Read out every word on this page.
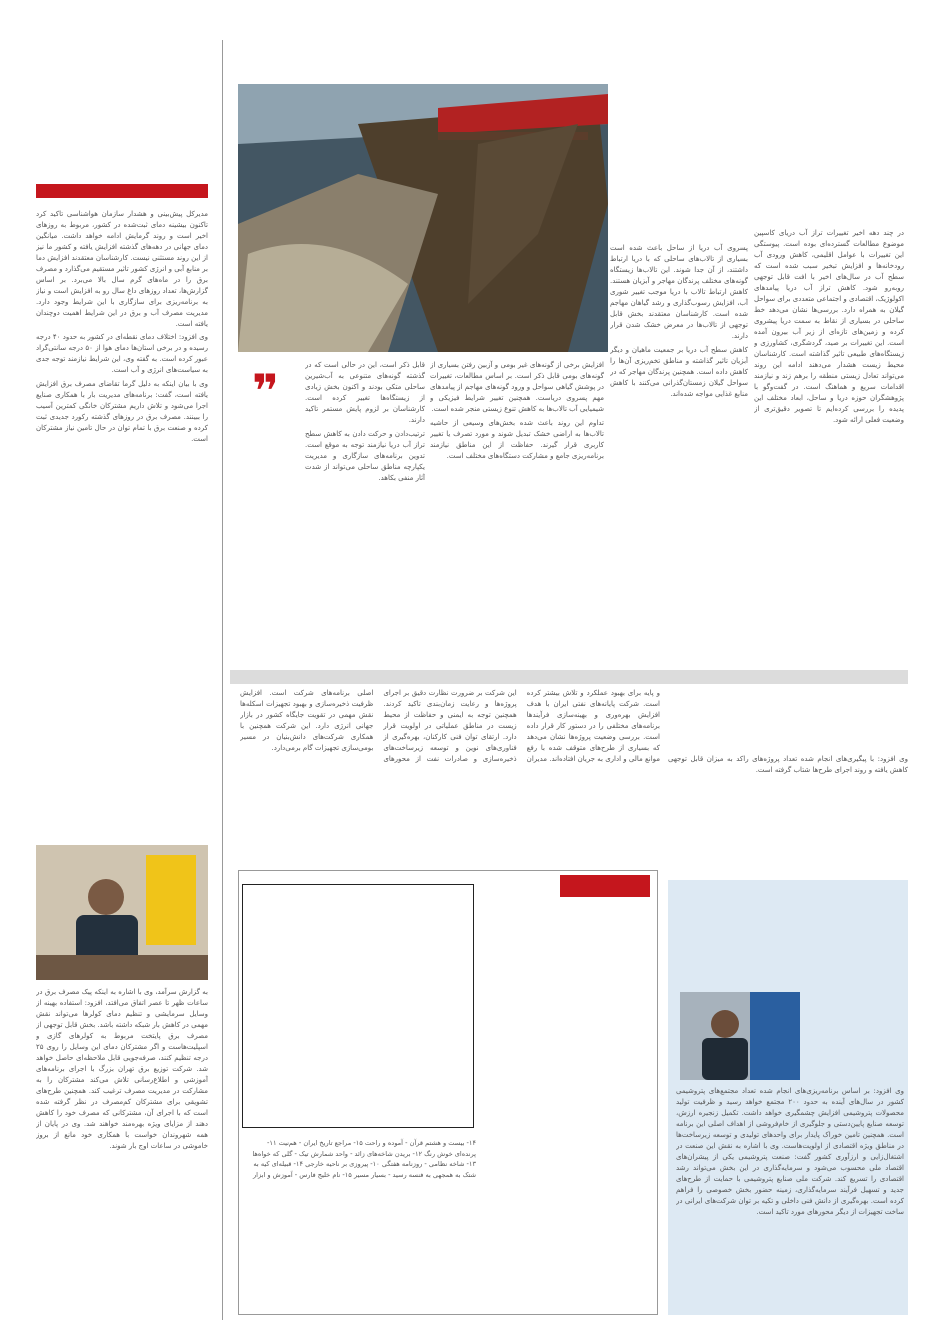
مدیرکل پیش‌بینی و هشدار سازمان هواشناسی تاکید کرد تاکنون بیشینه دمای ثبت‌شده در کشور، مربوط به روزهای اخیر است و روند گرمایش ادامه خواهد داشت. میانگین دمای جهانی در دهه‌های گذشته افزایش یافته و کشور ما نیز از این روند مستثنی نیست. کارشناسان معتقدند افزایش دما بر منابع آبی و انرژی کشور تاثیر مستقیم می‌گذارد و مصرف برق را در ماه‌های گرم سال بالا می‌برد. بر اساس گزارش‌ها، تعداد روزهای داغ سال رو به افزایش است و نیاز به برنامه‌ریزی برای سازگاری با این شرایط وجود دارد. مدیریت مصرف آب و برق در این شرایط اهمیت دوچندان یافته است.

وی افزود: اختلاف دمای نقطه‌ای در کشور به حدود ۴۰ درجه رسیده و در برخی استان‌ها دمای هوا از ۵۰ درجه سانتی‌گراد عبور کرده است. به گفته وی، این شرایط نیازمند توجه جدی به سیاست‌های انرژی و آب است.

وی با بیان اینکه به دلیل گرما تقاضای مصرف برق افزایش یافته است، گفت: برنامه‌های مدیریت بار با همکاری صنایع اجرا می‌شود و تلاش داریم مشترکان خانگی کمترین آسیب را ببینند. مصرف برق در روزهای گذشته رکورد جدیدی ثبت کرده و صنعت برق با تمام توان در حال تامین نیاز مشترکان است.

به گزارش سرآمد، وی با اشاره به اینکه پیک مصرف برق در ساعات ظهر تا عصر اتفاق می‌افتد، افزود: استفاده بهینه از وسایل سرمایشی و تنظیم دمای کولرها می‌تواند نقش مهمی در کاهش بار شبکه داشته باشد. بخش قابل توجهی از مصرف برق پایتخت مربوط به کولرهای گازی و اسپلیت‌هاست و اگر مشترکان دمای این وسایل را روی ۲۵ درجه تنظیم کنند، صرفه‌جویی قابل ملاحظه‌ای حاصل خواهد شد. شرکت توزیع برق تهران بزرگ با اجرای برنامه‌های آموزشی و اطلاع‌رسانی تلاش می‌کند مشترکان را به مشارکت در مدیریت مصرف ترغیب کند. همچنین طرح‌های تشویقی برای مشترکان کم‌مصرف در نظر گرفته شده است که با اجرای آن، مشترکانی که مصرف خود را کاهش دهند از مزایای ویژه بهره‌مند خواهند شد. وی در پایان از همه شهروندان خواست با همکاری خود مانع از بروز خاموشی در ساعات اوج بار شوند.

در چند دهه اخیر تغییرات تراز آب دریای کاسپین موضوع مطالعات گسترده‌ای بوده است. پیوستگی این تغییرات با عوامل اقلیمی، کاهش ورودی آب رودخانه‌ها و افزایش تبخیر سبب شده است که سطح آب در سال‌های اخیر با افت قابل توجهی روبه‌رو شود. کاهش تراز آب دریا پیامدهای اکولوژیک، اقتصادی و اجتماعی متعددی برای سواحل گیلان به همراه دارد. بررسی‌ها نشان می‌دهد خط ساحلی در بسیاری از نقاط به سمت دریا پیشروی کرده و زمین‌های تازه‌ای از زیر آب بیرون آمده است. این تغییرات بر صید، گردشگری، کشاورزی و زیستگاه‌های طبیعی تاثیر گذاشته است. کارشناسان محیط زیست هشدار می‌دهند ادامه این روند می‌تواند تعادل زیستی منطقه را برهم زند و نیازمند اقدامات سریع و هماهنگ است. در گفت‌وگو با پژوهشگران حوزه دریا و ساحل، ابعاد مختلف این پدیده را بررسی کرده‌ایم تا تصویر دقیق‌تری از وضعیت فعلی ارائه شود.

پسروی آب دریا از ساحل باعث شده است بسیاری از تالاب‌های ساحلی که با دریا ارتباط داشتند، از آن جدا شوند. این تالاب‌ها زیستگاه گونه‌های مختلف پرندگان مهاجر و آبزیان هستند. کاهش ارتباط تالاب با دریا موجب تغییر شوری آب، افزایش رسوب‌گذاری و رشد گیاهان مهاجم شده است. کارشناسان معتقدند بخش قابل توجهی از تالاب‌ها در معرض خشک شدن قرار دارند.

کاهش سطح آب دریا بر جمعیت ماهیان و دیگر آبزیان تاثیر گذاشته و مناطق تخم‌ریزی آن‌ها را کاهش داده است. همچنین پرندگان مهاجر که در سواحل گیلان زمستان‌گذرانی می‌کنند با کاهش منابع غذایی مواجه شده‌اند.

افزایش برخی از گونه‌های غیر بومی و آزبین رفتن بسیاری از گونه‌های بومی قابل ذکر است. بر اساس مطالعات، تغییرات در پوشش گیاهی سواحل و ورود گونه‌های مهاجم از پیامدهای مهم پسروی دریاست. همچنین تغییر شرایط فیزیکی و شیمیایی آب تالاب‌ها به کاهش تنوع زیستی منجر شده است.

تداوم این روند باعث شده بخش‌های وسیعی از حاشیه تالاب‌ها به اراضی خشک تبدیل شوند و مورد تصرف یا تغییر کاربری قرار گیرند. حفاظت از این مناطق نیازمند برنامه‌ریزی جامع و مشارکت دستگاه‌های مختلف است.

قابل ذکر است، این در حالی است که در گذشته گونه‌های متنوعی به آب‌شیرین ساحلی متکی بودند و اکنون بخش زیادی از زیستگاه‌ها تغییر کرده است. کارشناسان بر لزوم پایش مستمر تاکید دارند.

ترتیب‌دادن و حرکت دادن به کاهش سطح تراز آب دریا نیازمند توجه به موقع است. تدوین برنامه‌های سازگاری و مدیریت یکپارچه مناطق ساحلی می‌تواند از شدت آثار منفی بکاهد.

❞

وی افزود: با پیگیری‌های انجام شده تعداد پروژه‌های راکد به میزان قابل توجهی کاهش یافته و روند اجرای طرح‌ها شتاب گرفته است.

و پایه برای بهبود عملکرد و تلاش بیشتر کرده است. شرکت پایانه‌های نفتی ایران با هدف افزایش بهره‌وری و بهینه‌سازی فرآیندها برنامه‌های مختلفی را در دستور کار قرار داده است. بررسی وضعیت پروژه‌ها نشان می‌دهد که بسیاری از طرح‌های متوقف شده با رفع موانع مالی و اداری به جریان افتاده‌اند. مدیران این شرکت بر ضرورت نظارت دقیق بر اجرای پروژه‌ها و رعایت زمان‌بندی تاکید کردند. همچنین توجه به ایمنی و حفاظت از محیط زیست در مناطق عملیاتی در اولویت قرار دارد. ارتقای توان فنی کارکنان، بهره‌گیری از فناوری‌های نوین و توسعه زیرساخت‌های ذخیره‌سازی و صادرات نفت از محورهای اصلی برنامه‌های شرکت است. افزایش ظرفیت ذخیره‌سازی و بهبود تجهیزات اسکله‌ها نقش مهمی در تقویت جایگاه کشور در بازار جهانی انرژی دارد. این شرکت همچنین با همکاری شرکت‌های دانش‌بنیان در مسیر بومی‌سازی تجهیزات گام برمی‌دارد.

۱۴- بیست و هشتم قرآن - آموده و راحت ۱۵- مراجع تاریخ ایران - هم‌نیت ۱۱- پرنده‌ای خوش رنگ ۱۲- بریدن شاخه‌های زائد - واحد شمارش تیک - گلی که خواه‌ها ۱۳- شاخه نظامی - روزنامه هفتگی ۱۰- پیروزی بر ناحیه خارجی ۱۴- قبیله‌ای کیه به شتک به همجهی به فنسه رسید - بسیار مسیر ۱۵- نام خلیج فارس - آموزش و ابزار

وی افزود: بر اساس برنامه‌ریزی‌های انجام شده تعداد مجتمع‌های پتروشیمی کشور در سال‌های آینده به حدود ۲۰۰ مجتمع خواهد رسید و ظرفیت تولید محصولات پتروشیمی افزایش چشمگیری خواهد داشت. تکمیل زنجیره ارزش، توسعه صنایع پایین‌دستی و جلوگیری از خام‌فروشی از اهداف اصلی این برنامه است. همچنین تامین خوراک پایدار برای واحدهای تولیدی و توسعه زیرساخت‌ها در مناطق ویژه اقتصادی از اولویت‌هاست. وی با اشاره به نقش این صنعت در اشتغال‌زایی و ارزآوری کشور گفت: صنعت پتروشیمی یکی از پیشران‌های اقتصاد ملی محسوب می‌شود و سرمایه‌گذاری در این بخش می‌تواند رشد اقتصادی را تسریع کند. شرکت ملی صنایع پتروشیمی با حمایت از طرح‌های جدید و تسهیل فرآیند سرمایه‌گذاری، زمینه حضور بخش خصوصی را فراهم کرده است. بهره‌گیری از دانش فنی داخلی و تکیه بر توان شرکت‌های ایرانی در ساخت تجهیزات از دیگر محورهای مورد تاکید است.
